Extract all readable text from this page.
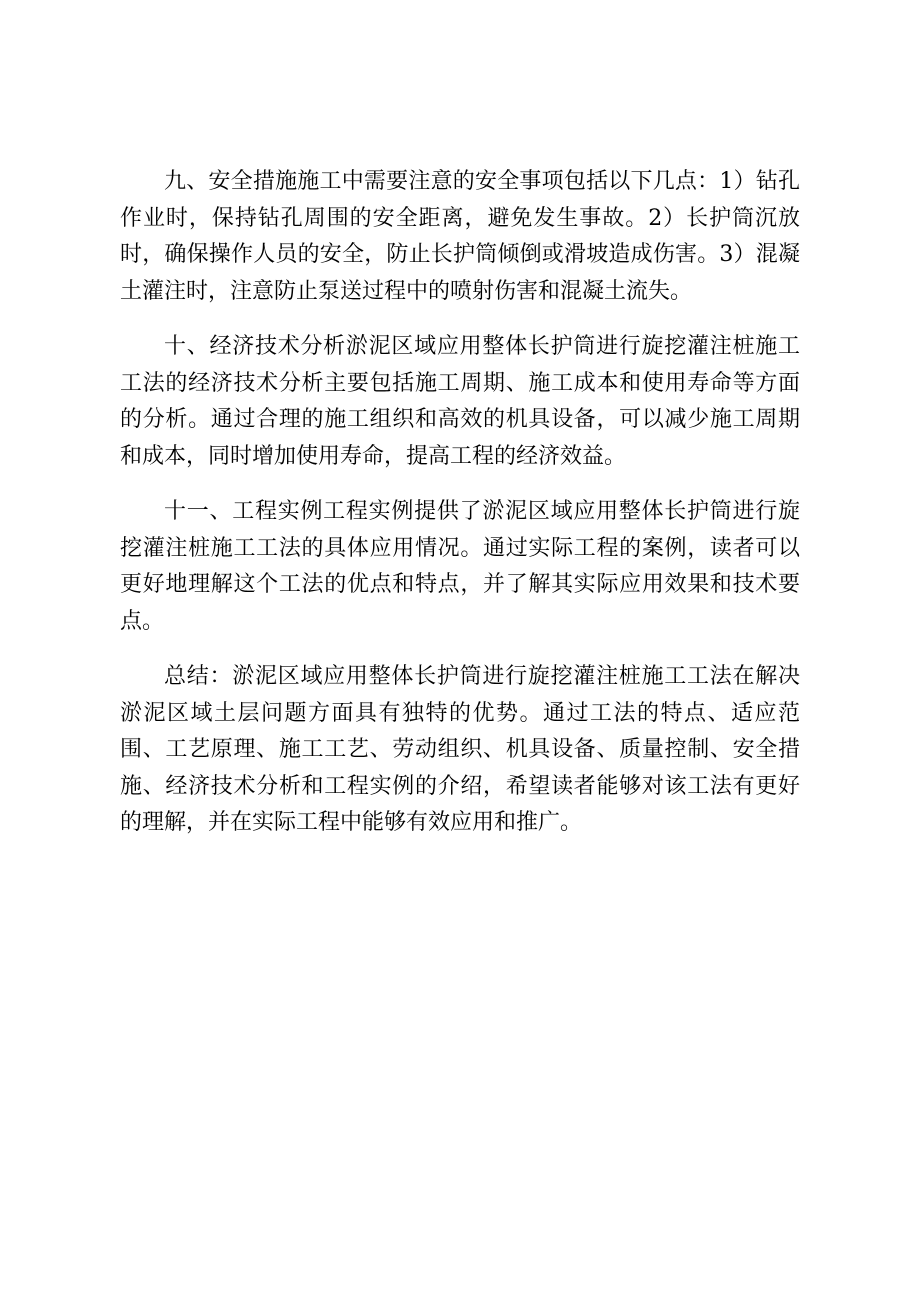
九、安全措施施工中需要注意的安全事项包括以下几点：1）钻孔作业时，保持钻孔周围的安全距离，避免发生事故。2）长护筒沉放时，确保操作人员的安全，防止长护筒倾倒或滑坡造成伤害。3）混凝土灌注时，注意防止泵送过程中的喷射伤害和混凝土流失。

十、经济技术分析淤泥区域应用整体长护筒进行旋挖灌注桩施工工法的经济技术分析主要包括施工周期、施工成本和使用寿命等方面的分析。通过合理的施工组织和高效的机具设备，可以减少施工周期和成本，同时增加使用寿命，提高工程的经济效益。

十一、工程实例工程实例提供了淤泥区域应用整体长护筒进行旋挖灌注桩施工工法的具体应用情况。通过实际工程的案例，读者可以更好地理解这个工法的优点和特点，并了解其实际应用效果和技术要点。

总结：淤泥区域应用整体长护筒进行旋挖灌注桩施工工法在解决淤泥区域土层问题方面具有独特的优势。通过工法的特点、适应范围、工艺原理、施工工艺、劳动组织、机具设备、质量控制、安全措施、经济技术分析和工程实例的介绍，希望读者能够对该工法有更好的理解，并在实际工程中能够有效应用和推广。
